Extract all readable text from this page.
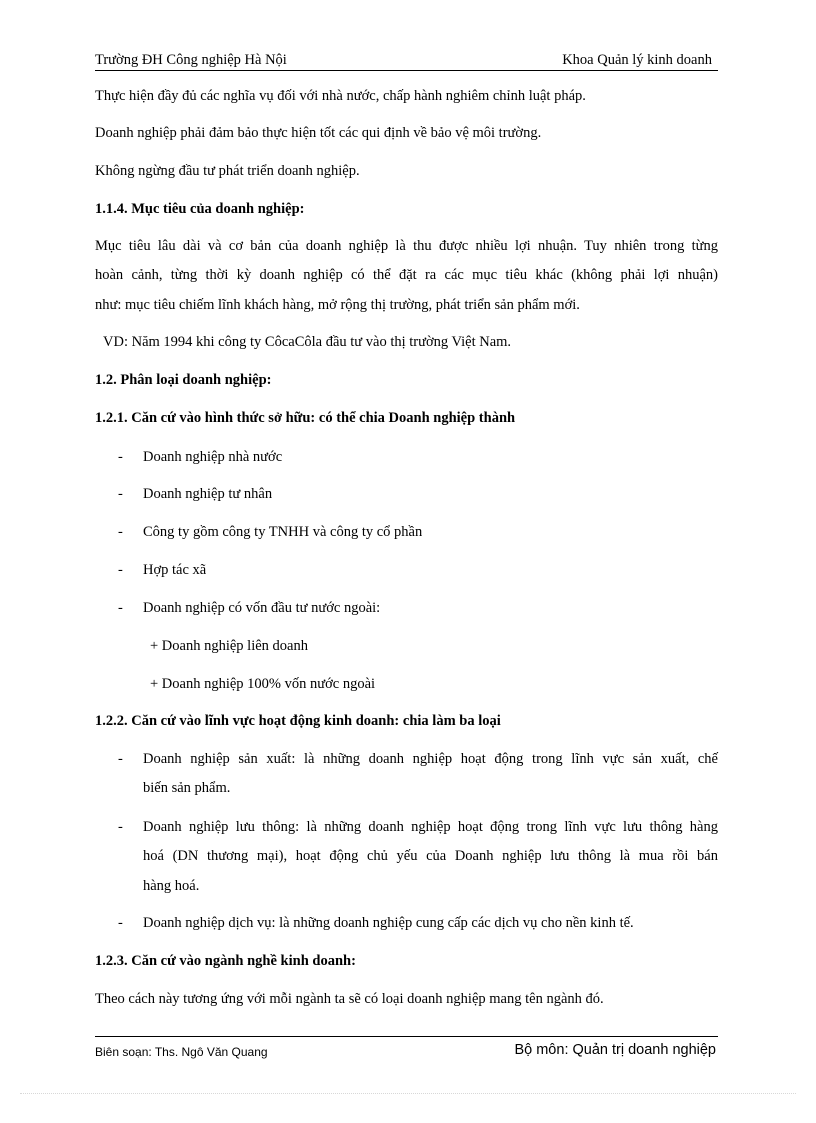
Trường ĐH Công nghiệp Hà Nội	Khoa Quản lý kinh doanh
Thực hiện đầy đủ các nghĩa vụ đối với nhà nước, chấp hành nghiêm chỉnh luật pháp.
Doanh nghiệp phải đảm bảo thực hiện tốt các qui định về bảo vệ môi trường.
Không ngừng đầu tư phát triển doanh nghiệp.
1.1.4. Mục tiêu của doanh nghiệp:
Mục tiêu lâu dài và cơ bản của doanh nghiệp là thu được nhiều lợi nhuận. Tuy nhiên trong từng
hoàn cảnh, từng thời kỳ doanh nghiệp có thể đặt ra các mục tiêu khác (không phải lợi nhuận)
như: mục tiêu chiếm lĩnh khách hàng, mở rộng thị trường, phát triển sản phẩm mới.
VD: Năm 1994 khi công ty CôcaCôla đầu tư vào thị trường Việt Nam.
1.2. Phân loại doanh nghiệp:
1.2.1. Căn cứ vào hình thức sở hữu: có thể chia Doanh nghiệp thành
- Doanh nghiệp nhà nước
- Doanh nghiệp tư nhân
- Công ty gồm công ty TNHH và công ty cổ phần
- Hợp tác xã
- Doanh nghiệp có vốn đầu tư nước ngoài:
+ Doanh nghiệp liên doanh
+ Doanh nghiệp 100% vốn nước ngoài
1.2.2. Căn cứ vào lĩnh vực hoạt động kinh doanh: chia làm ba loại
- Doanh nghiệp sản xuất: là những doanh nghiệp hoạt động trong lĩnh vực sản xuất, chế
biến sản phẩm.
- Doanh nghiệp lưu thông: là những doanh nghiệp hoạt động trong lĩnh vực lưu thông hàng
hoá (DN thương mại), hoạt động chủ yếu của Doanh nghiệp lưu thông là mua rồi bán
hàng hoá.
- Doanh nghiệp dịch vụ: là những doanh nghiệp cung cấp các dịch vụ cho nền kinh tế.
1.2.3. Căn cứ vào ngành nghề kinh doanh:
Theo cách này tương ứng với mỗi ngành ta sẽ có loại doanh nghiệp mang tên ngành đó.
Biên soạn: Ths. Ngô Văn Quang	Bộ môn: Quản trị doanh nghiệp
